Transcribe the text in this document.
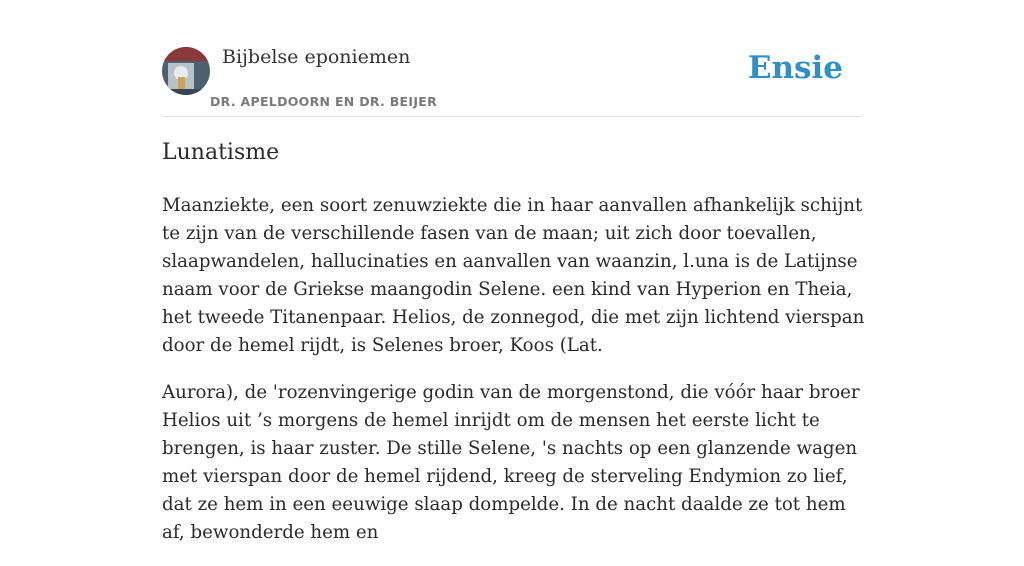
Bijbelse eponiemen
DR. APELDOORN EN DR. BEIJER
Ensie
Lunatisme

Maanziekte, een soort zenuwziekte die in haar aanvallen afhankelijk schijnt te zijn van de verschillende fasen van de maan; uit zich door toevallen, slaapwandelen, hallucinaties en aanvallen van waanzin, l.una is de Latijnse naam voor de Griekse maangodin Selene. een kind van Hyperion en Theia, het tweede Titanenpaar. Helios, de zonnegod, die met zijn lichtend vierspan door de hemel rijdt, is Selenes broer, Koos (Lat.

Aurora), de 'rozenvingerige godin van de morgenstond, die vóór haar broer Helios uit ’s morgens de hemel inrijdt om de mensen het eerste licht te brengen, is haar zuster. De stille Selene, 's nachts op een glanzende wagen met vierspan door de hemel rijdend, kreeg de sterveling Endymion zo lief, dat ze hem in een eeuwige slaap dompelde. In de nacht daalde ze tot hem af, bewonderde hem en
